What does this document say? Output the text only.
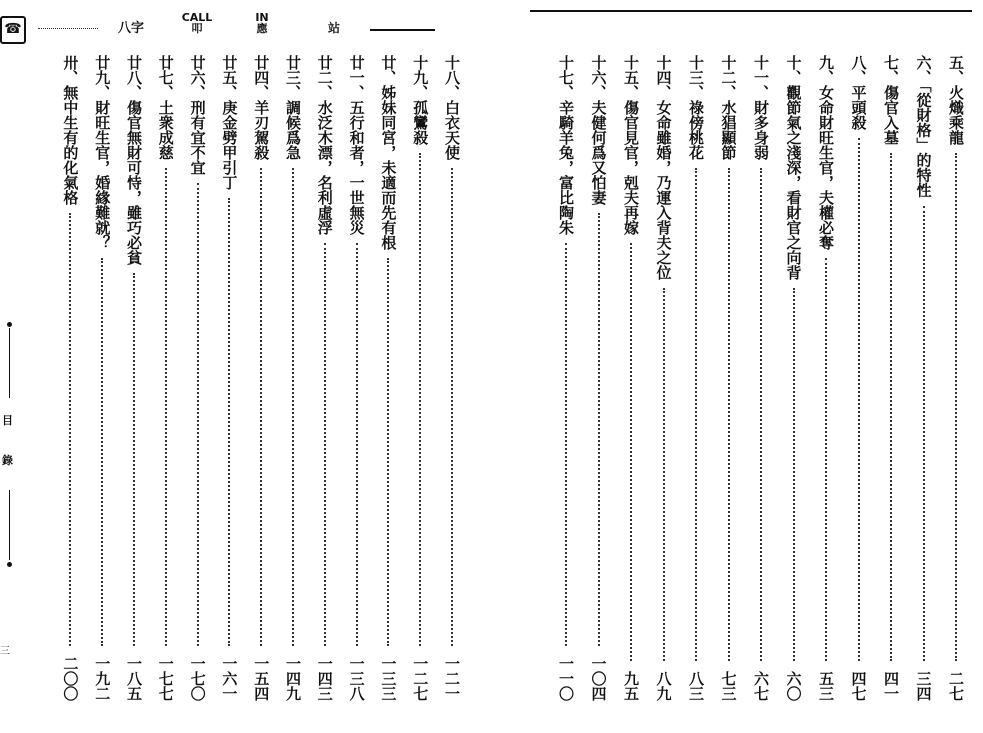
☎	八字
CALL
叩
IN
應	站
目
錄
三
十八、白衣天使
一二一
十九、孤鸞殺
一二七
廿、姊妹同宮，未適而先有根
一三三
廿一、五行和者，一世無災
一三八
廿二、水泛木漂，名利虛浮
一四三
廿三、調候爲急
一四九
廿四、羊刃駕殺
一五四
廿五、庚金劈甲引丁
一六一
廿六、刑有宜不宜
一七〇
廿七、土衆成慈
一七七
廿八、傷官無財可恃，雖巧必貧
一八五
廿九、財旺生官，婚緣難就？
一九二
卅、無中生有的化氣格
二〇〇
五、火熾乘龍
二七
六、「從財格」的特性
三四
七、傷官入墓
四一
八、平頭殺
四七
九、女命財旺生官，夫權必奪
五三
十、觀節氣之淺深，看財官之向背
六〇
十一、財多身弱
六七
十二、水猖顯節
七三
十三、祿傍桃花
八三
十四、女命雖婚，乃運入背夫之位
八九
十五、傷官見官，剋夫再嫁
九五
十六、夫健何爲又怕妻
一〇四
十七、辛騎羊兔，富比陶朱
一一〇
